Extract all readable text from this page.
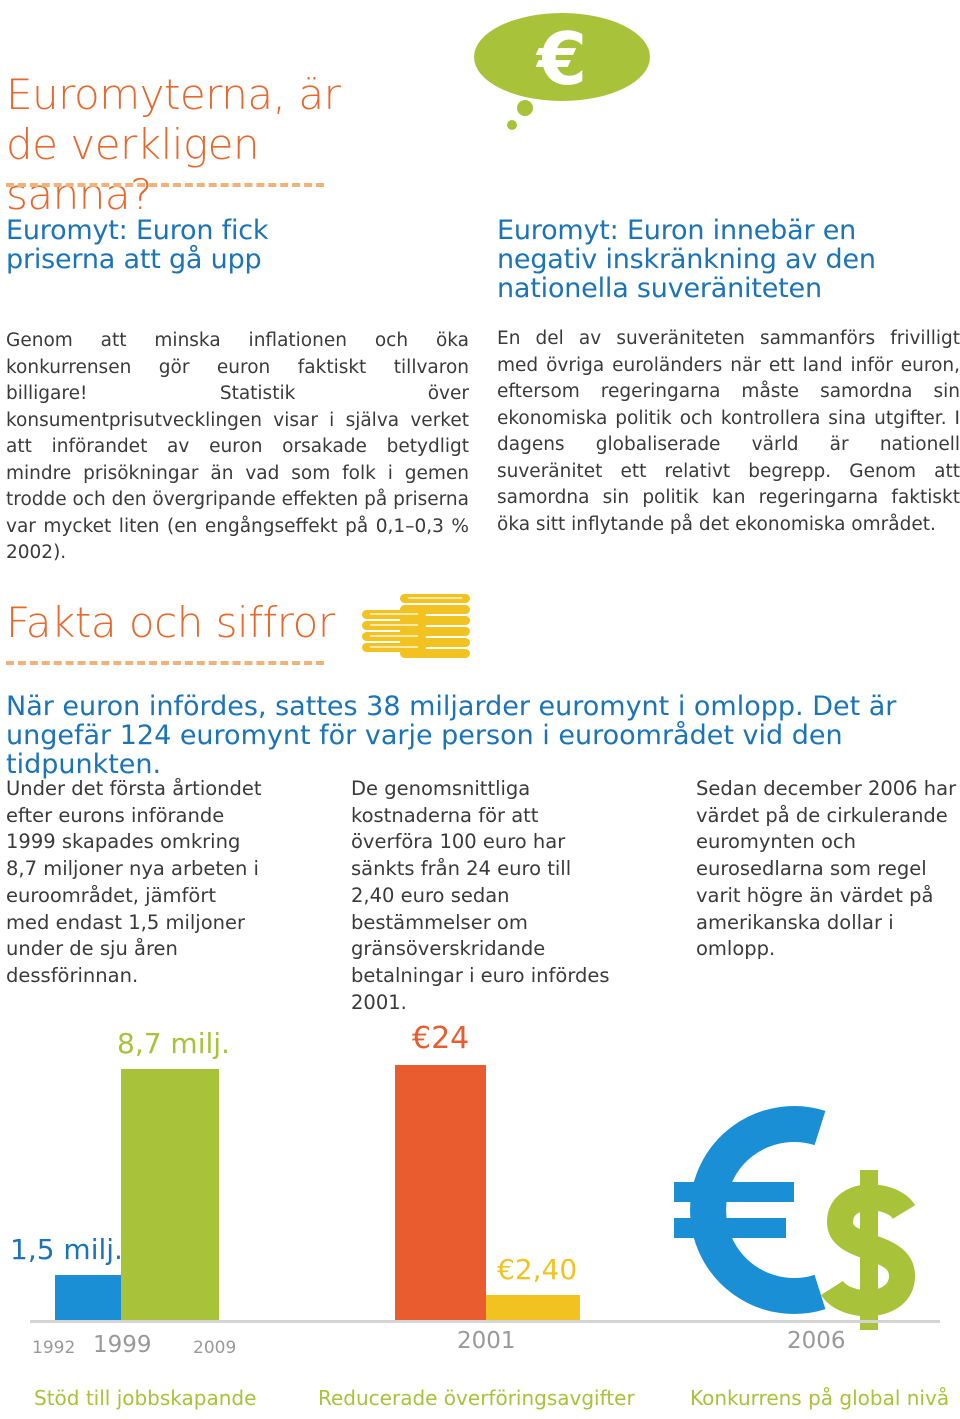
€
Euromyterna, är de verkligen sanna?
Euromyt: Euron fick priserna att gå upp
Genom att minska inflationen och öka konkurrensen gör euron faktiskt tillvaron billigare! Statistik över konsumentprisutvecklingen visar i själva verket att införandet av euron orsakade betydligt mindre prisökningar än vad som folk i gemen trodde och den övergripande effekten på priserna var mycket liten (en engångseffekt på 0,1–0,3 % 2002).
Euromyt: Euron innebär en negativ inskränkning av den nationella suveräniteten
En del av suveräniteten sammanförs frivilligt med övriga euroländers när ett land inför euron, eftersom regeringarna måste samordna sin ekonomiska politik och kontrollera sina utgifter. I dagens globaliserade värld är nationell suveränitet ett relativt begrepp. Genom att samordna sin politik kan regeringarna faktiskt öka sitt inflytande på det ekonomiska området.
Fakta och siffror
När euron infördes, sattes 38 miljarder euromynt i omlopp. Det är ungefär 124 euromynt för varje person i euroområdet vid den tidpunkten.
Under det första årtiondet efter eurons införande 1999 skapades omkring 8,7 miljoner nya arbeten i euroområdet, jämfört med endast 1,5 miljoner under de sju åren dessförinnan.
De genomsnittliga kostnaderna för att överföra 100 euro har sänkts från 24 euro till 2,40 euro sedan bestämmelser om gränsöverskridande betalningar i euro infördes 2001.
Sedan december 2006 har värdet på de cirkulerande euromynten och eurosedlarna som regel varit högre än värdet på amerikanska dollar i omlopp.
1,5 milj.
8,7 milj.
1992 1999 2009
Stöd till jobbskapande
€24
€2,40
2001
Reducerade överföringsavgifter
2006
Konkurrens på global nivå
